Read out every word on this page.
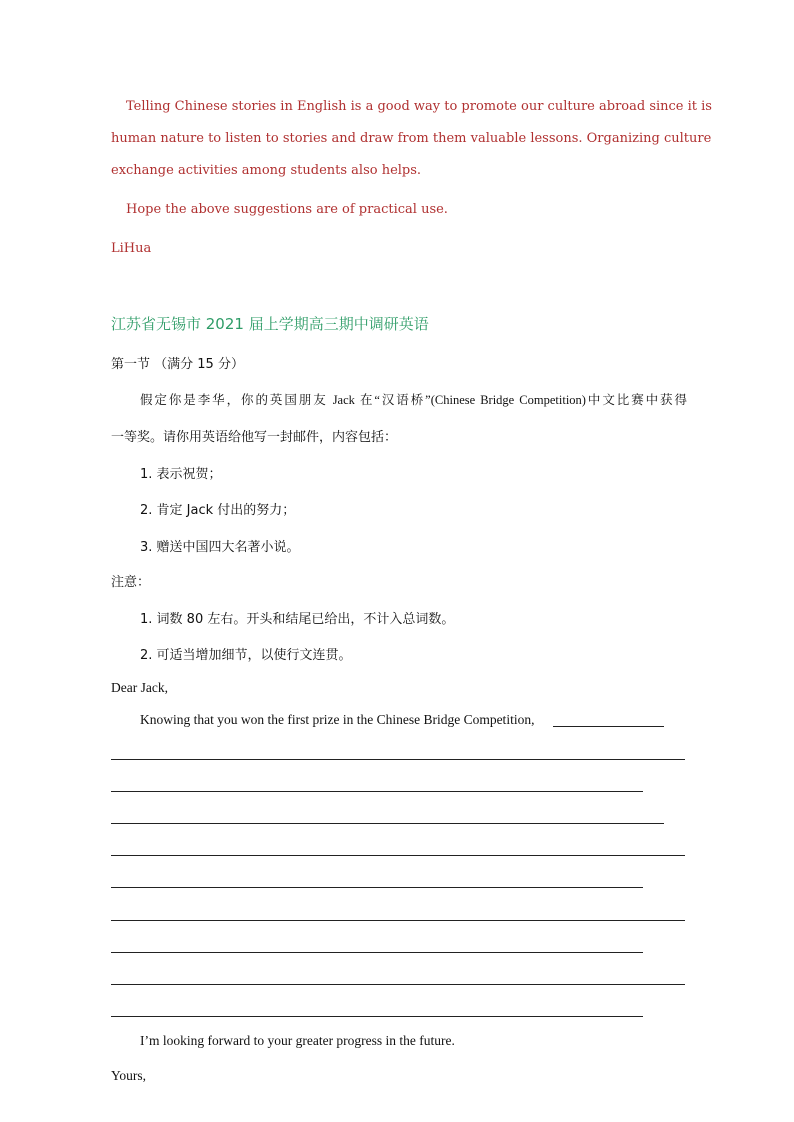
Telling Chinese stories in English is a good way to promote our culture abroad since it is
human nature to listen to stories and draw from them valuable lessons. Organizing culture
exchange activities among students also helps.
Hope the above suggestions are of practical use.
LiHua
江苏省无锡市 2021 届上学期高三期中调研英语
第一节 （满分 15 分）
假定你是李华，你的英国朋友 Jack 在“汉语桥”(Chinese Bridge Competition)中文比赛中获得
一等奖。请你用英语给他写一封邮件，内容包括：
1. 表示祝贺；
2. 肯定 Jack 付出的努力；
3. 赠送中国四大名著小说。
注意：
1. 词数 80 左右。开头和结尾已给出，不计入总词数。
2. 可适当增加细节，以使行文连贯。
Dear Jack,
Knowing that you won the first prize in the Chinese Bridge Competition,
I’m looking forward to your greater progress in the future.
Yours,
